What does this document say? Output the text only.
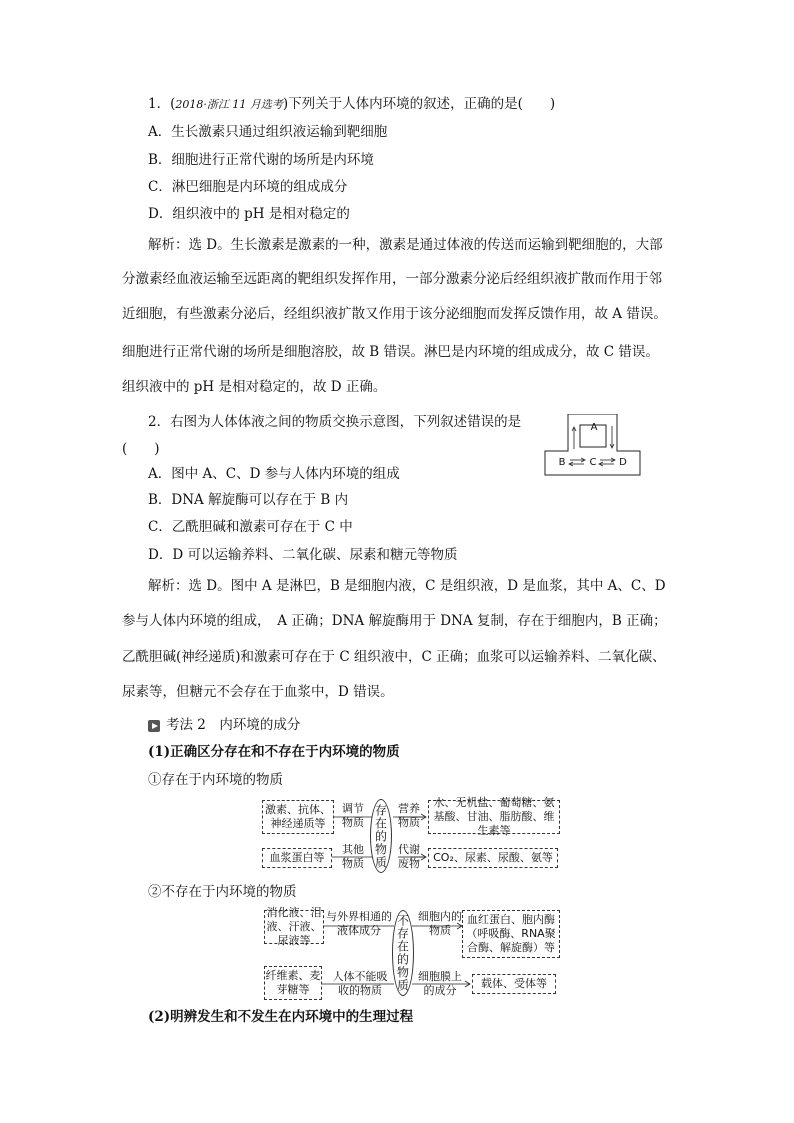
1．(2018·浙江 11 月选考)下列关于人体内环境的叙述，正确的是(　　)
A．生长激素只通过组织液运输到靶细胞
B．细胞进行正常代谢的场所是内环境
C．淋巴细胞是内环境的组成成分
D．组织液中的 pH 是相对稳定的
解析：选 D。生长激素是激素的一种，激素是通过体液的传送而运输到靶细胞的，大部
分激素经血液运输至远距离的靶组织发挥作用，一部分激素分泌后经组织液扩散而作用于邻
近细胞，有些激素分泌后，经组织液扩散又作用于该分泌细胞而发挥反馈作用，故 A 错误。
细胞进行正常代谢的场所是细胞溶胶，故 B 错误。淋巴是内环境的组成成分，故 C 错误。
组织液中的 pH 是相对稳定的，故 D 正确。
2．右图为人体体液之间的物质交换示意图，下列叙述错误的是
(　　)
A．图中 A、C、D 参与人体内环境的组成
B．DNA 解旋酶可以存在于 B 内
C．乙酰胆碱和激素可存在于 C 中
D．D 可以运输养料、二氧化碳、尿素和糖元等物质
A
B C D
解析：选 D。图中 A 是淋巴，B 是细胞内液，C 是组织液，D 是血浆，其中 A、C、D
参与人体内环境的组成，　A 正确；DNA 解旋酶用于 DNA 复制，存在于细胞内，B 正确；
乙酰胆碱(神经递质)和激素可存在于 C 组织液中，C 正确；血浆可以运输养料、二氧化碳、
尿素等，但糖元不会存在于血浆中，D 错误。
考法 2　内环境的成分
(1)正确区分存在和不存在于内环境的物质
①存在于内环境的物质
激素、抗体、神经递质等
调节物质 存在的物质 营养物质
水、无机盐、葡萄糖、氨基酸、甘油、脂肪酸、维生素等
血浆蛋白等
其他物质
代谢废物	CO₂、尿素、尿酸、氨等
②不存在于内环境的物质
消化液、泪液、汗液、尿液等
与外界相通的液体成分	不存在的物质 细胞内的物质
血红蛋白、胞内酶（呼吸酶、RNA聚合酶、解旋酶）等
纤维素、麦芽糖等
人体不能吸收的物质
细胞膜上的成分
载体、受体等
(2)明辨发生和不发生在内环境中的生理过程
